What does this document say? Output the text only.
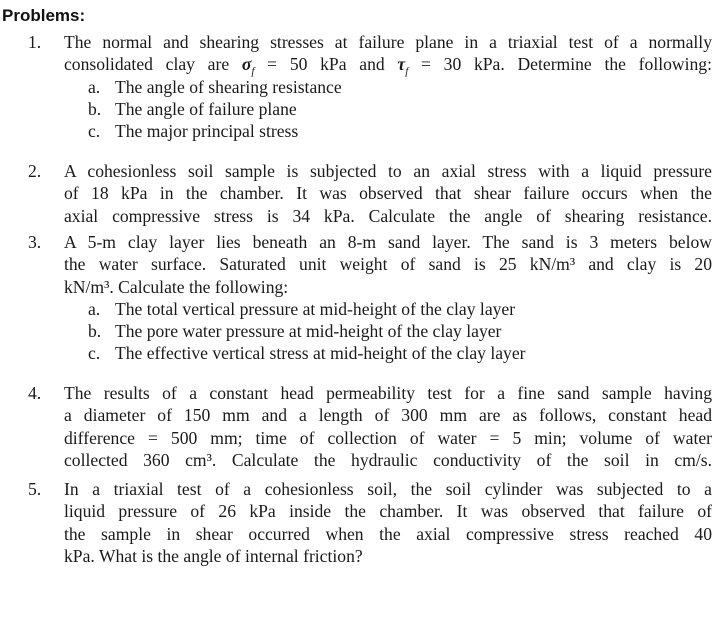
Problems:
1.	The normal and shearing stresses at failure plane in a triaxial test of a normally
consolidated clay are $\sigma_f = 50$ kPa and $\tau_f = 30$ kPa. Determine the following:
a. The angle of shearing resistance
b. The angle of failure plane
c. The major principal stress
2.	A cohesionless soil sample is subjected to an axial stress with a liquid pressure
of 18 kPa in the chamber. It was observed that shear failure occurs when the
axial compressive stress is 34 kPa. Calculate the angle of shearing resistance.
3.	A 5-m clay layer lies beneath an 8-m sand layer. The sand is 3 meters below
the water surface. Saturated unit weight of sand is 25 kN/m³ and clay is 20
kN/m³. Calculate the following:
a. The total vertical pressure at mid-height of the clay layer
b. The pore water pressure at mid-height of the clay layer
c. The effective vertical stress at mid-height of the clay layer
4.	The results of a constant head permeability test for a fine sand sample having
a diameter of 150 mm and a length of 300 mm are as follows, constant head
difference = 500 mm; time of collection of water = 5 min; volume of water
collected 360 cm³. Calculate the hydraulic conductivity of the soil in cm/s.
5.	In a triaxial test of a cohesionless soil, the soil cylinder was subjected to a
liquid pressure of 26 kPa inside the chamber. It was observed that failure of
the sample in shear occurred when the axial compressive stress reached 40
kPa. What is the angle of internal friction?
